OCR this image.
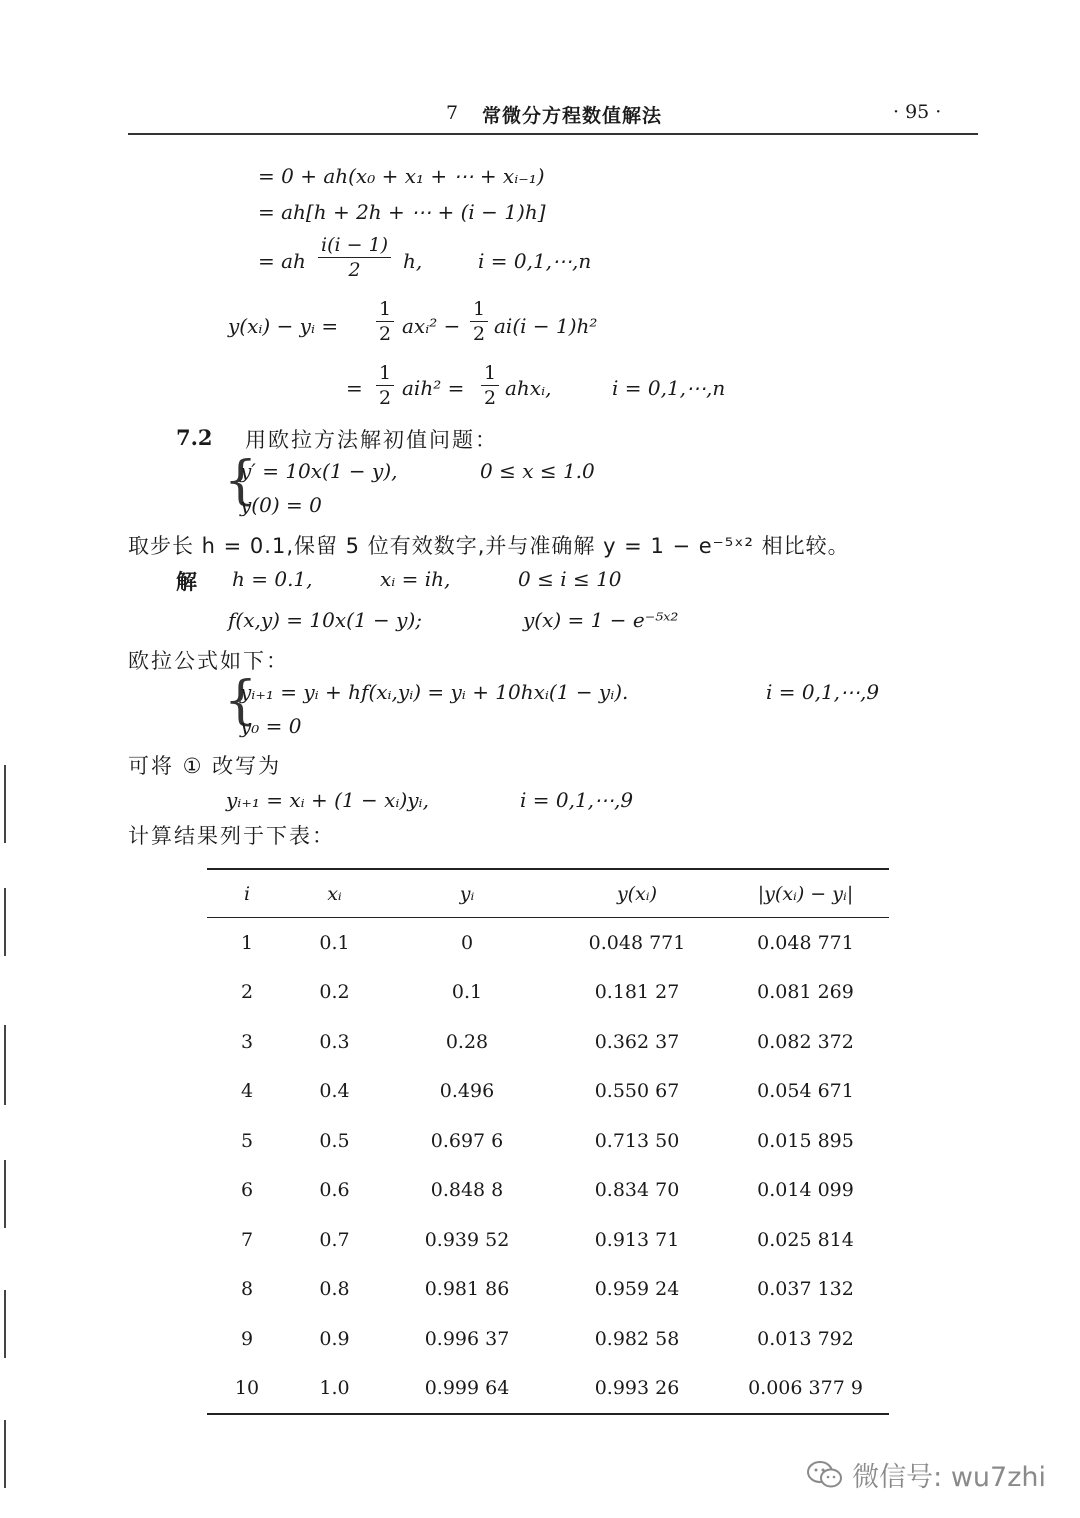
7 常微分方程数值解法	· 95 ·
= 0 + ah(x₀ + x₁ + ⋯ + xᵢ₋₁)
= ah[h + 2h + ⋯ + (i − 1)h]
= ah $\frac{i(i - 1)}{2} h$,	i = 0,1,⋯,n
y(xᵢ) − yᵢ = $\frac{1}{2}$ axᵢ² − $\frac{1}{2} ai(i - 1)h^2$
= $\frac{1}{2} aih^2 = \frac{1}{2}$ ahxᵢ,	i = 0,1,⋯,n
7.2 用欧拉方法解初值问题：
{
y′ = 10x(1 − y),	0 ≤ x ≤ 1.0
y(0) = 0
取步长 h = 0.1,保留 5 位有效数字,并与准确解 y = 1 − e⁻⁵ˣ² 相比较。
解 h = 0.1,	xᵢ = ih,	0 ≤ i ≤ 10
f(x,y) = 10x(1 − y);	y(x) = 1 − e⁻⁵ˣ²
欧拉公式如下：
{
yᵢ₊₁ = yᵢ + hf(xᵢ,yᵢ) = yᵢ + 10hxᵢ(1 − yᵢ).	i = 0,1,⋯,9
y₀ = 0
可将 ① 改写为
yᵢ₊₁ = xᵢ + (1 − xᵢ)yᵢ,	i = 0,1,⋯,9
计算结果列于下表：
i	xᵢ	yᵢ	y(xᵢ)	|y(xᵢ) − yᵢ|
1	0.1	0	0.048 771	0.048 771
2	0.2	0.1	0.181 27	0.081 269
3	0.3	0.28	0.362 37	0.082 372
4	0.4	0.496	0.550 67	0.054 671
5	0.5	0.697 6	0.713 50	0.015 895
6	0.6	0.848 8	0.834 70	0.014 099
7	0.7	0.939 52	0.913 71	0.025 814
8	0.8	0.981 86	0.959 24	0.037 132
9	0.9	0.996 37	0.982 58	0.013 792
10	1.0	0.999 64	0.993 26	0.006 377 9
微信号: wu7zhi
